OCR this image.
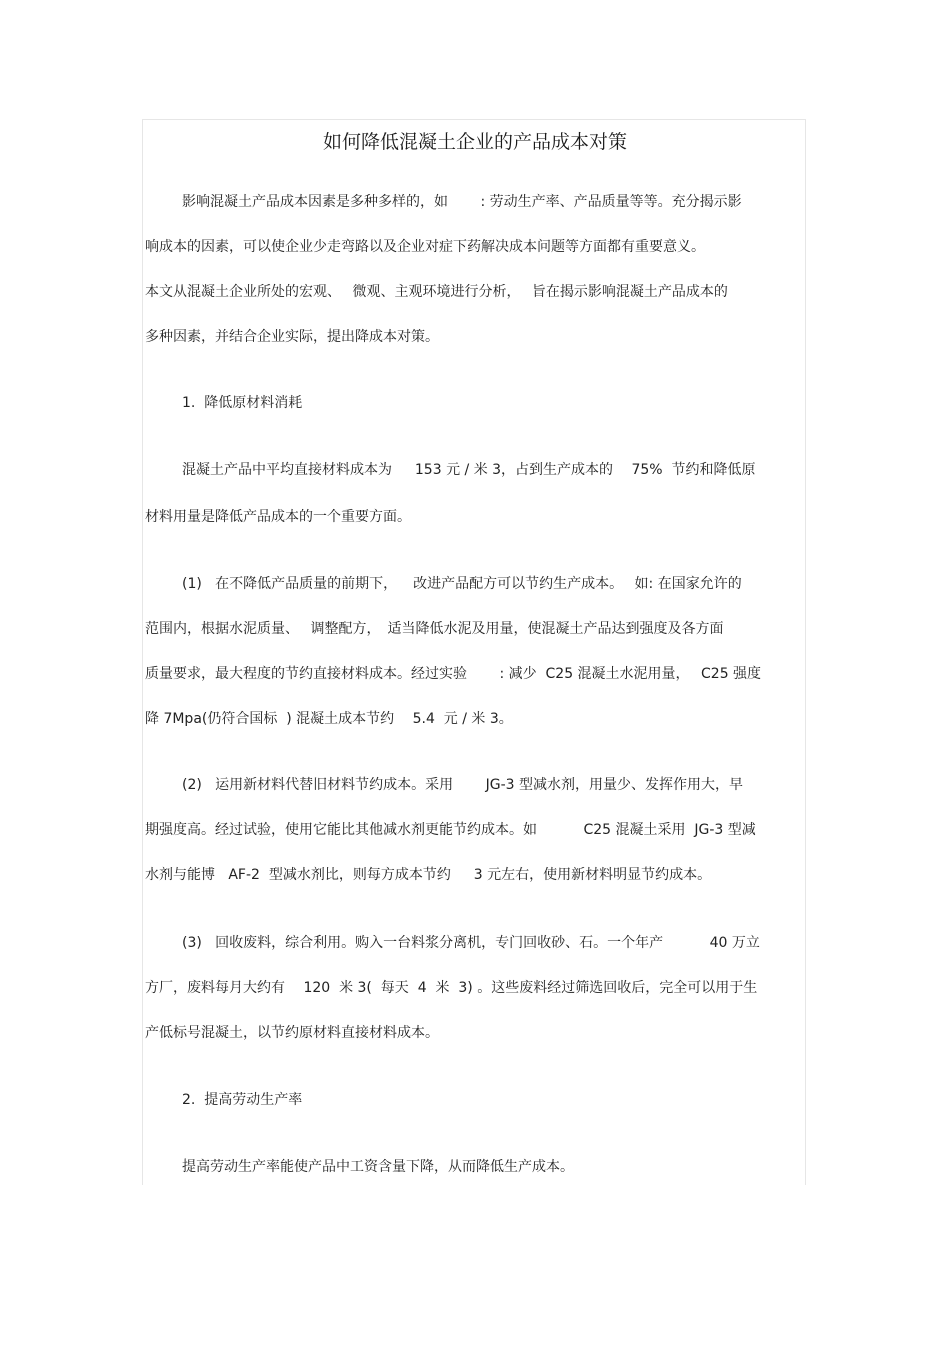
如何降低混凝土企业的产品成本对策
影响混凝土产品成本因素是多种多样的，如　　 : 劳动生产率、产品质量等等。充分揭示影
响成本的因素，可以使企业少走弯路以及企业对症下药解决成本问题等方面都有重要意义。
本文从混凝土企业所处的宏观、　 微观、主观环境进行分析，　 旨在揭示影响混凝土产品成本的
多种因素，并结合企业实际，提出降成本对策。
1.  降低原材料消耗
混凝土产品中平均直接材料成本为　  153 元 / 米 3，占到生产成本的　 75%  节约和降低原
材料用量是降低产品成本的一个重要方面。
(1)   在不降低产品质量的前期下，　  改进产品配方可以节约生产成本。　 如: 在国家允许的
范围内，根据水泥质量、　 调整配方，　适当降低水泥及用量，使混凝土产品达到强度及各方面
质量要求，最大程度的节约直接材料成本。经过实验　　 : 减少  C25 混凝土水泥用量，　 C25 强度
降 7Mpa(仍符合国标  ) 混凝土成本节约　 5.4  元 / 米 3。
(2)   运用新材料代替旧材料节约成本。采用　　 JG-3 型减水剂，用量少、发挥作用大，早
期强度高。经过试验，使用它能比其他减水剂更能节约成本。如　　　 C25 混凝土采用  JG-3 型减
水剂与能博   AF-2  型减水剂比，则每方成本节约　  3 元左右，使用新材料明显节约成本。
(3)   回收废料，综合利用。购入一台料浆分离机，专门回收砂、石。一个年产　　　 40 万立
方厂，废料每月大约有　 120  米 3(  每天  4  米  3) 。这些废料经过筛选回收后，完全可以用于生
产低标号混凝土，以节约原材料直接材料成本。
2.  提高劳动生产率
提高劳动生产率能使产品中工资含量下降，从而降低生产成本。
